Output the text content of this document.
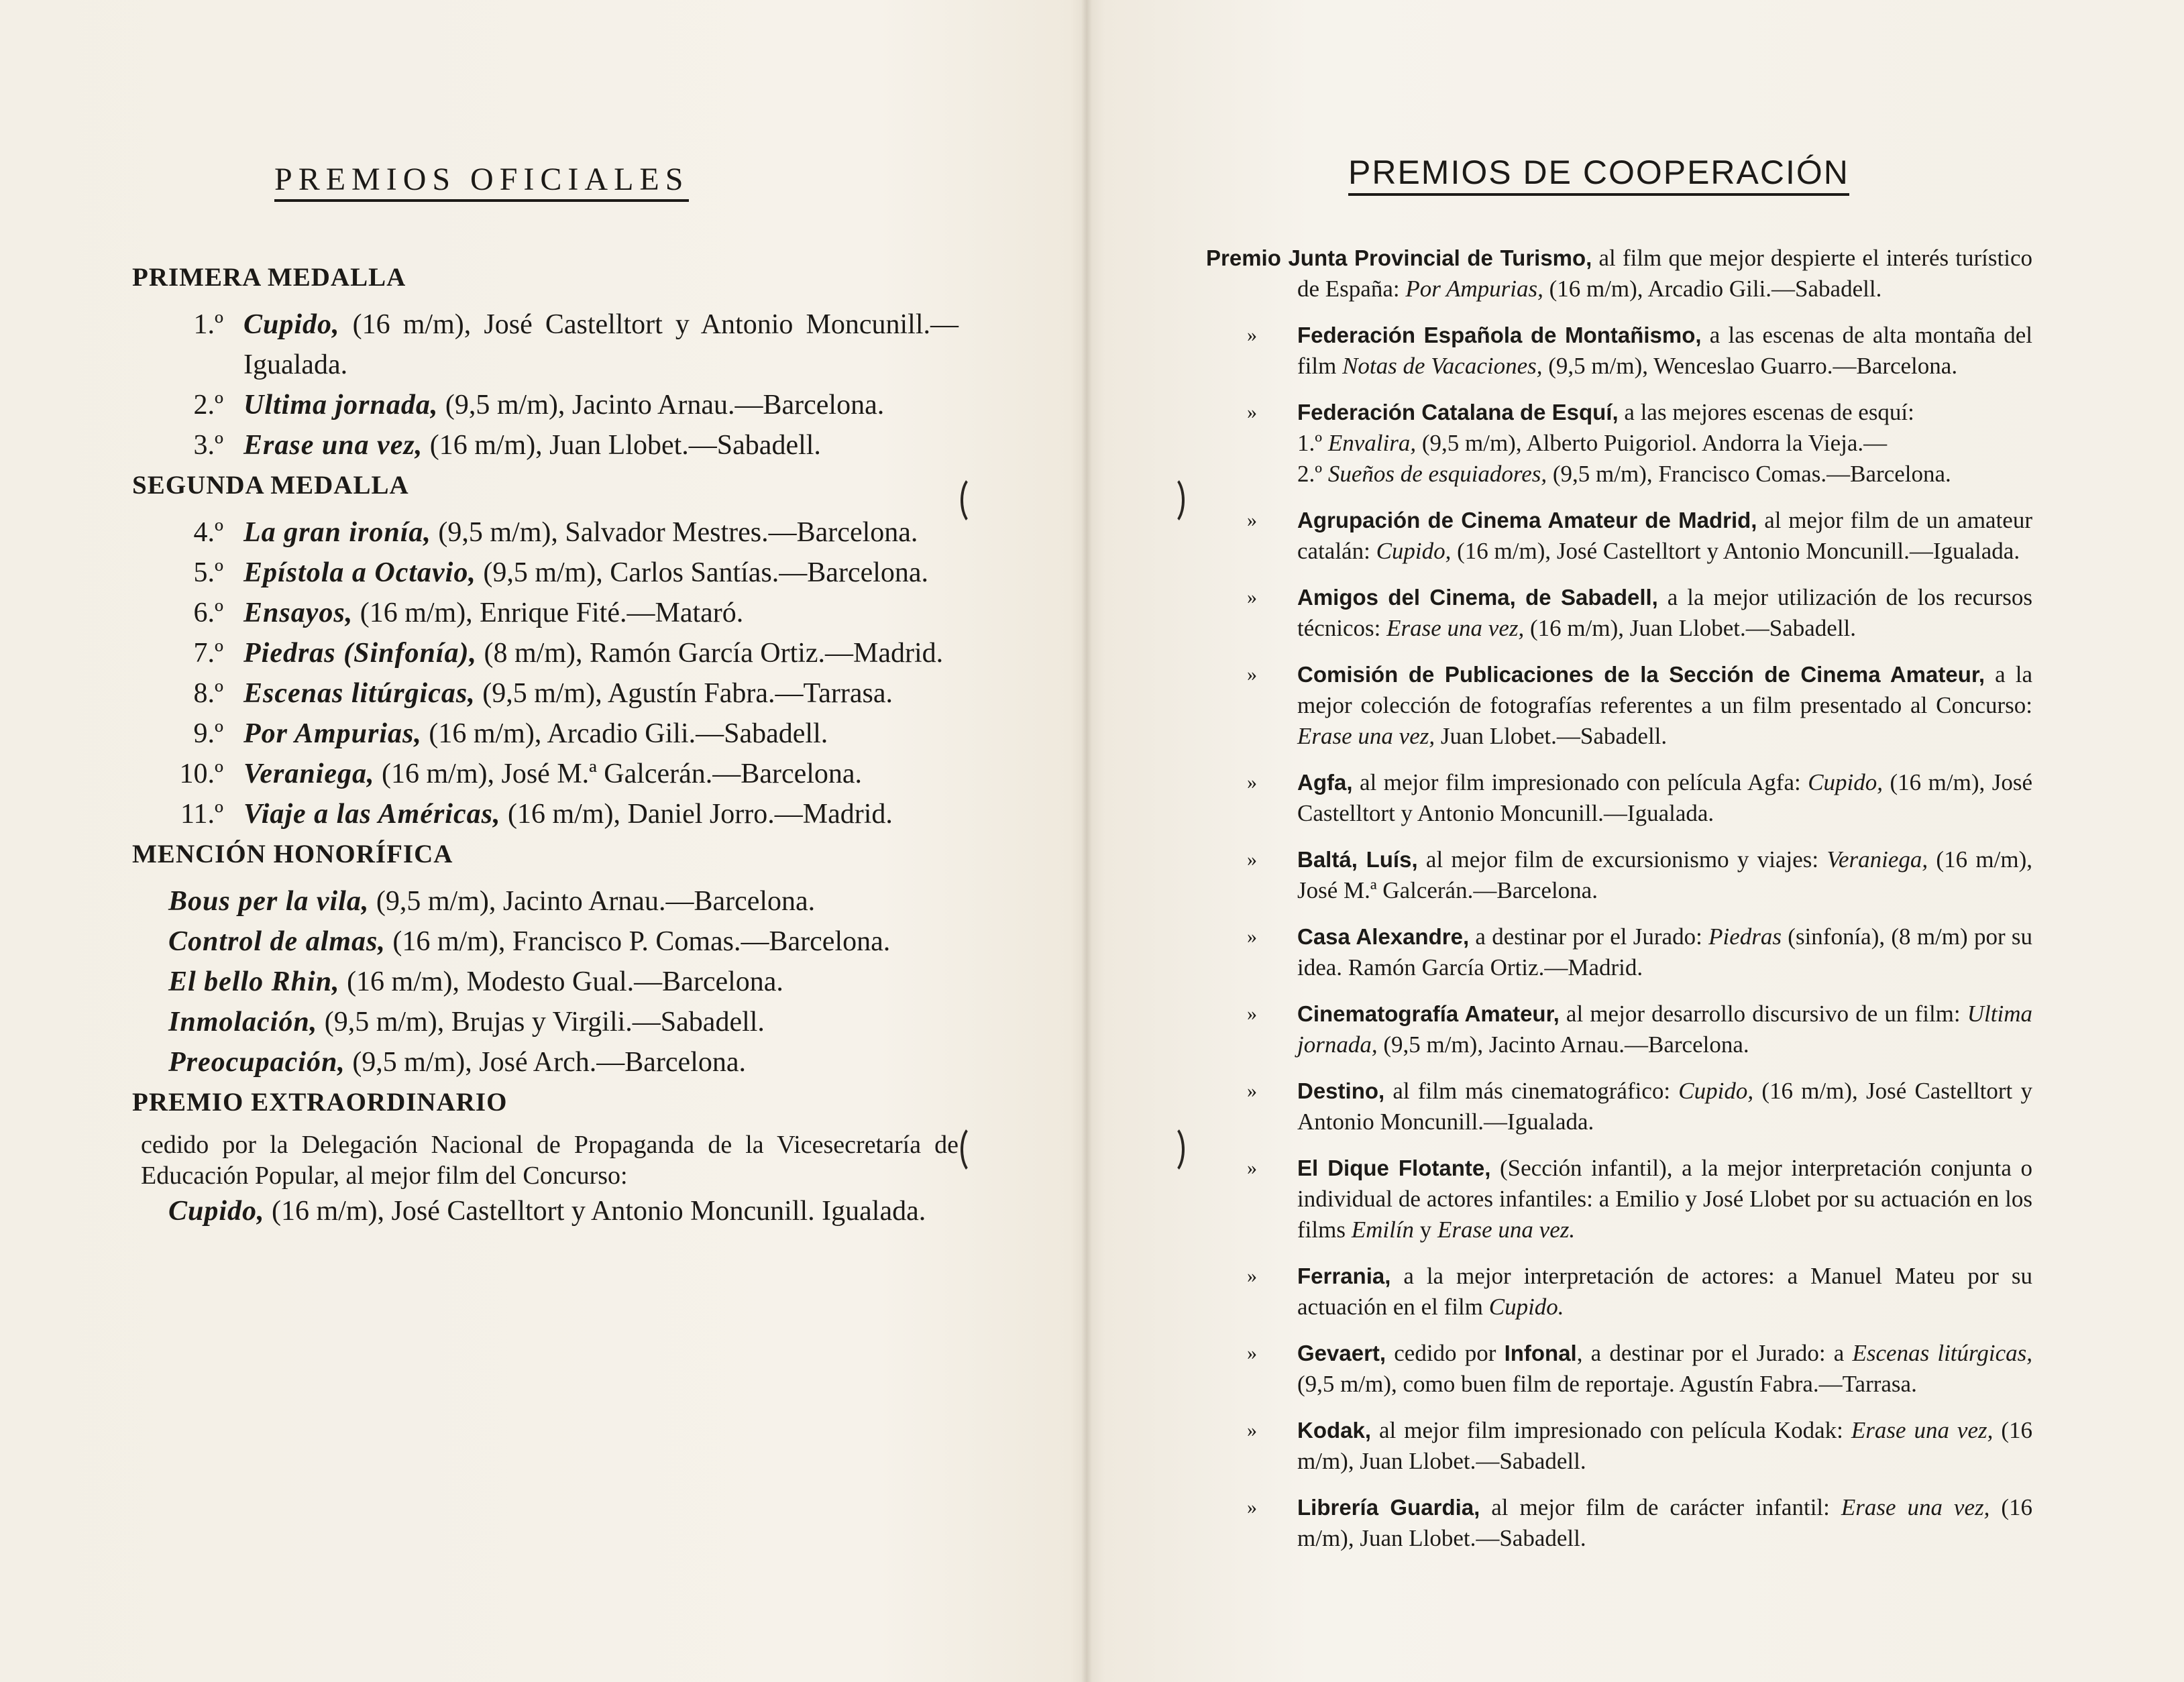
PREMIOS OFICIALES
PRIMERA MEDALLA
1.º Cupido, (16 m/m), José Castelltort y Antonio Moncunill.—Igualada.
2.º Ultima jornada, (9,5 m/m), Jacinto Arnau.—Barcelona.
3.º Erase una vez, (16 m/m), Juan Llobet.—Sabadell.
SEGUNDA MEDALLA
4.º La gran ironía, (9,5 m/m), Salvador Mestres.—Barcelona.
5.º Epístola a Octavio, (9,5 m/m), Carlos Santías.—Barcelona.
6.º Ensayos, (16 m/m), Enrique Fité.—Mataró.
7.º Piedras (Sinfonía), (8 m/m), Ramón García Ortiz.—Madrid.
8.º Escenas litúrgicas, (9,5 m/m), Agustín Fabra.—Tarrasa.
9.º Por Ampurias, (16 m/m), Arcadio Gili.—Sabadell.
10.º Veraniega, (16 m/m), José M.ª Galcerán.—Barcelona.
11.º Viaje a las Américas, (16 m/m), Daniel Jorro.—Madrid.
MENCIÓN HONORÍFICA
Bous per la vila, (9,5 m/m), Jacinto Arnau.—Barcelona.
Control de almas, (16 m/m), Francisco P. Comas.—Barcelona.
El bello Rhin, (16 m/m), Modesto Gual.—Barcelona.
Inmolación, (9,5 m/m), Brujas y Virgili.—Sabadell.
Preocupación, (9,5 m/m), José Arch.—Barcelona.
PREMIO EXTRAORDINARIO
cedido por la Delegación Nacional de Propaganda de la Vicesecretaría de Educación Popular, al mejor film del Concurso:
Cupido, (16 m/m), José Castelltort y Antonio Moncunill. Igualada.
PREMIOS DE COOPERACIÓN
Premio Junta Provincial de Turismo, al film que mejor despierte el interés turístico de España: Por Ampurias, (16 m/m), Arcadio Gili.—Sabadell.
» Federación Española de Montañismo, a las escenas de alta montaña del film Notas de Vacaciones, (9,5 m/m), Wenceslao Guarro.—Barcelona.
» Federación Catalana de Esquí, a las mejores escenas de esquí:
1.º Envalira, (9,5 m/m), Alberto Puigoriol. Andorra la Vieja.—
2.º Sueños de esquiadores, (9,5 m/m), Francisco Comas.—Barcelona.
» Agrupación de Cinema Amateur de Madrid, al mejor film de un amateur catalán: Cupido, (16 m/m), José Castelltort y Antonio Moncunill.—Igualada.
» Amigos del Cinema, de Sabadell, a la mejor utilización de los recursos técnicos: Erase una vez, (16 m/m), Juan Llobet.—Sabadell.
» Comisión de Publicaciones de la Sección de Cinema Amateur, a la mejor colección de fotografías referentes a un film presentado al Concurso: Erase una vez, Juan Llobet.—Sabadell.
» Agfa, al mejor film impresionado con película Agfa: Cupido, (16 m/m), José Castelltort y Antonio Moncunill.—Igualada.
» Baltá, Luís, al mejor film de excursionismo y viajes: Veraniega, (16 m/m), José M.ª Galcerán.—Barcelona.
» Casa Alexandre, a destinar por el Jurado: Piedras (sinfonía), (8 m/m) por su idea. Ramón García Ortiz.—Madrid.
» Cinematografía Amateur, al mejor desarrollo discursivo de un film: Ultima jornada, (9,5 m/m), Jacinto Arnau.—Barcelona.
» Destino, al film más cinematográfico: Cupido, (16 m/m), José Castelltort y Antonio Moncunill.—Igualada.
» El Dique Flotante, (Sección infantil), a la mejor interpretación conjunta o individual de actores infantiles: a Emilio y José Llobet por su actuación en los films Emilín y Erase una vez.
» Ferrania, a la mejor interpretación de actores: a Manuel Mateu por su actuación en el film Cupido.
» Gevaert, cedido por Infonal, a destinar por el Jurado: a Escenas litúrgicas, (9,5 m/m), como buen film de reportaje. Agustín Fabra.—Tarrasa.
» Kodak, al mejor film impresionado con película Kodak: Erase una vez, (16 m/m), Juan Llobet.—Sabadell.
» Librería Guardia, al mejor film de carácter infantil: Erase una vez, (16 m/m), Juan Llobet.—Sabadell.
